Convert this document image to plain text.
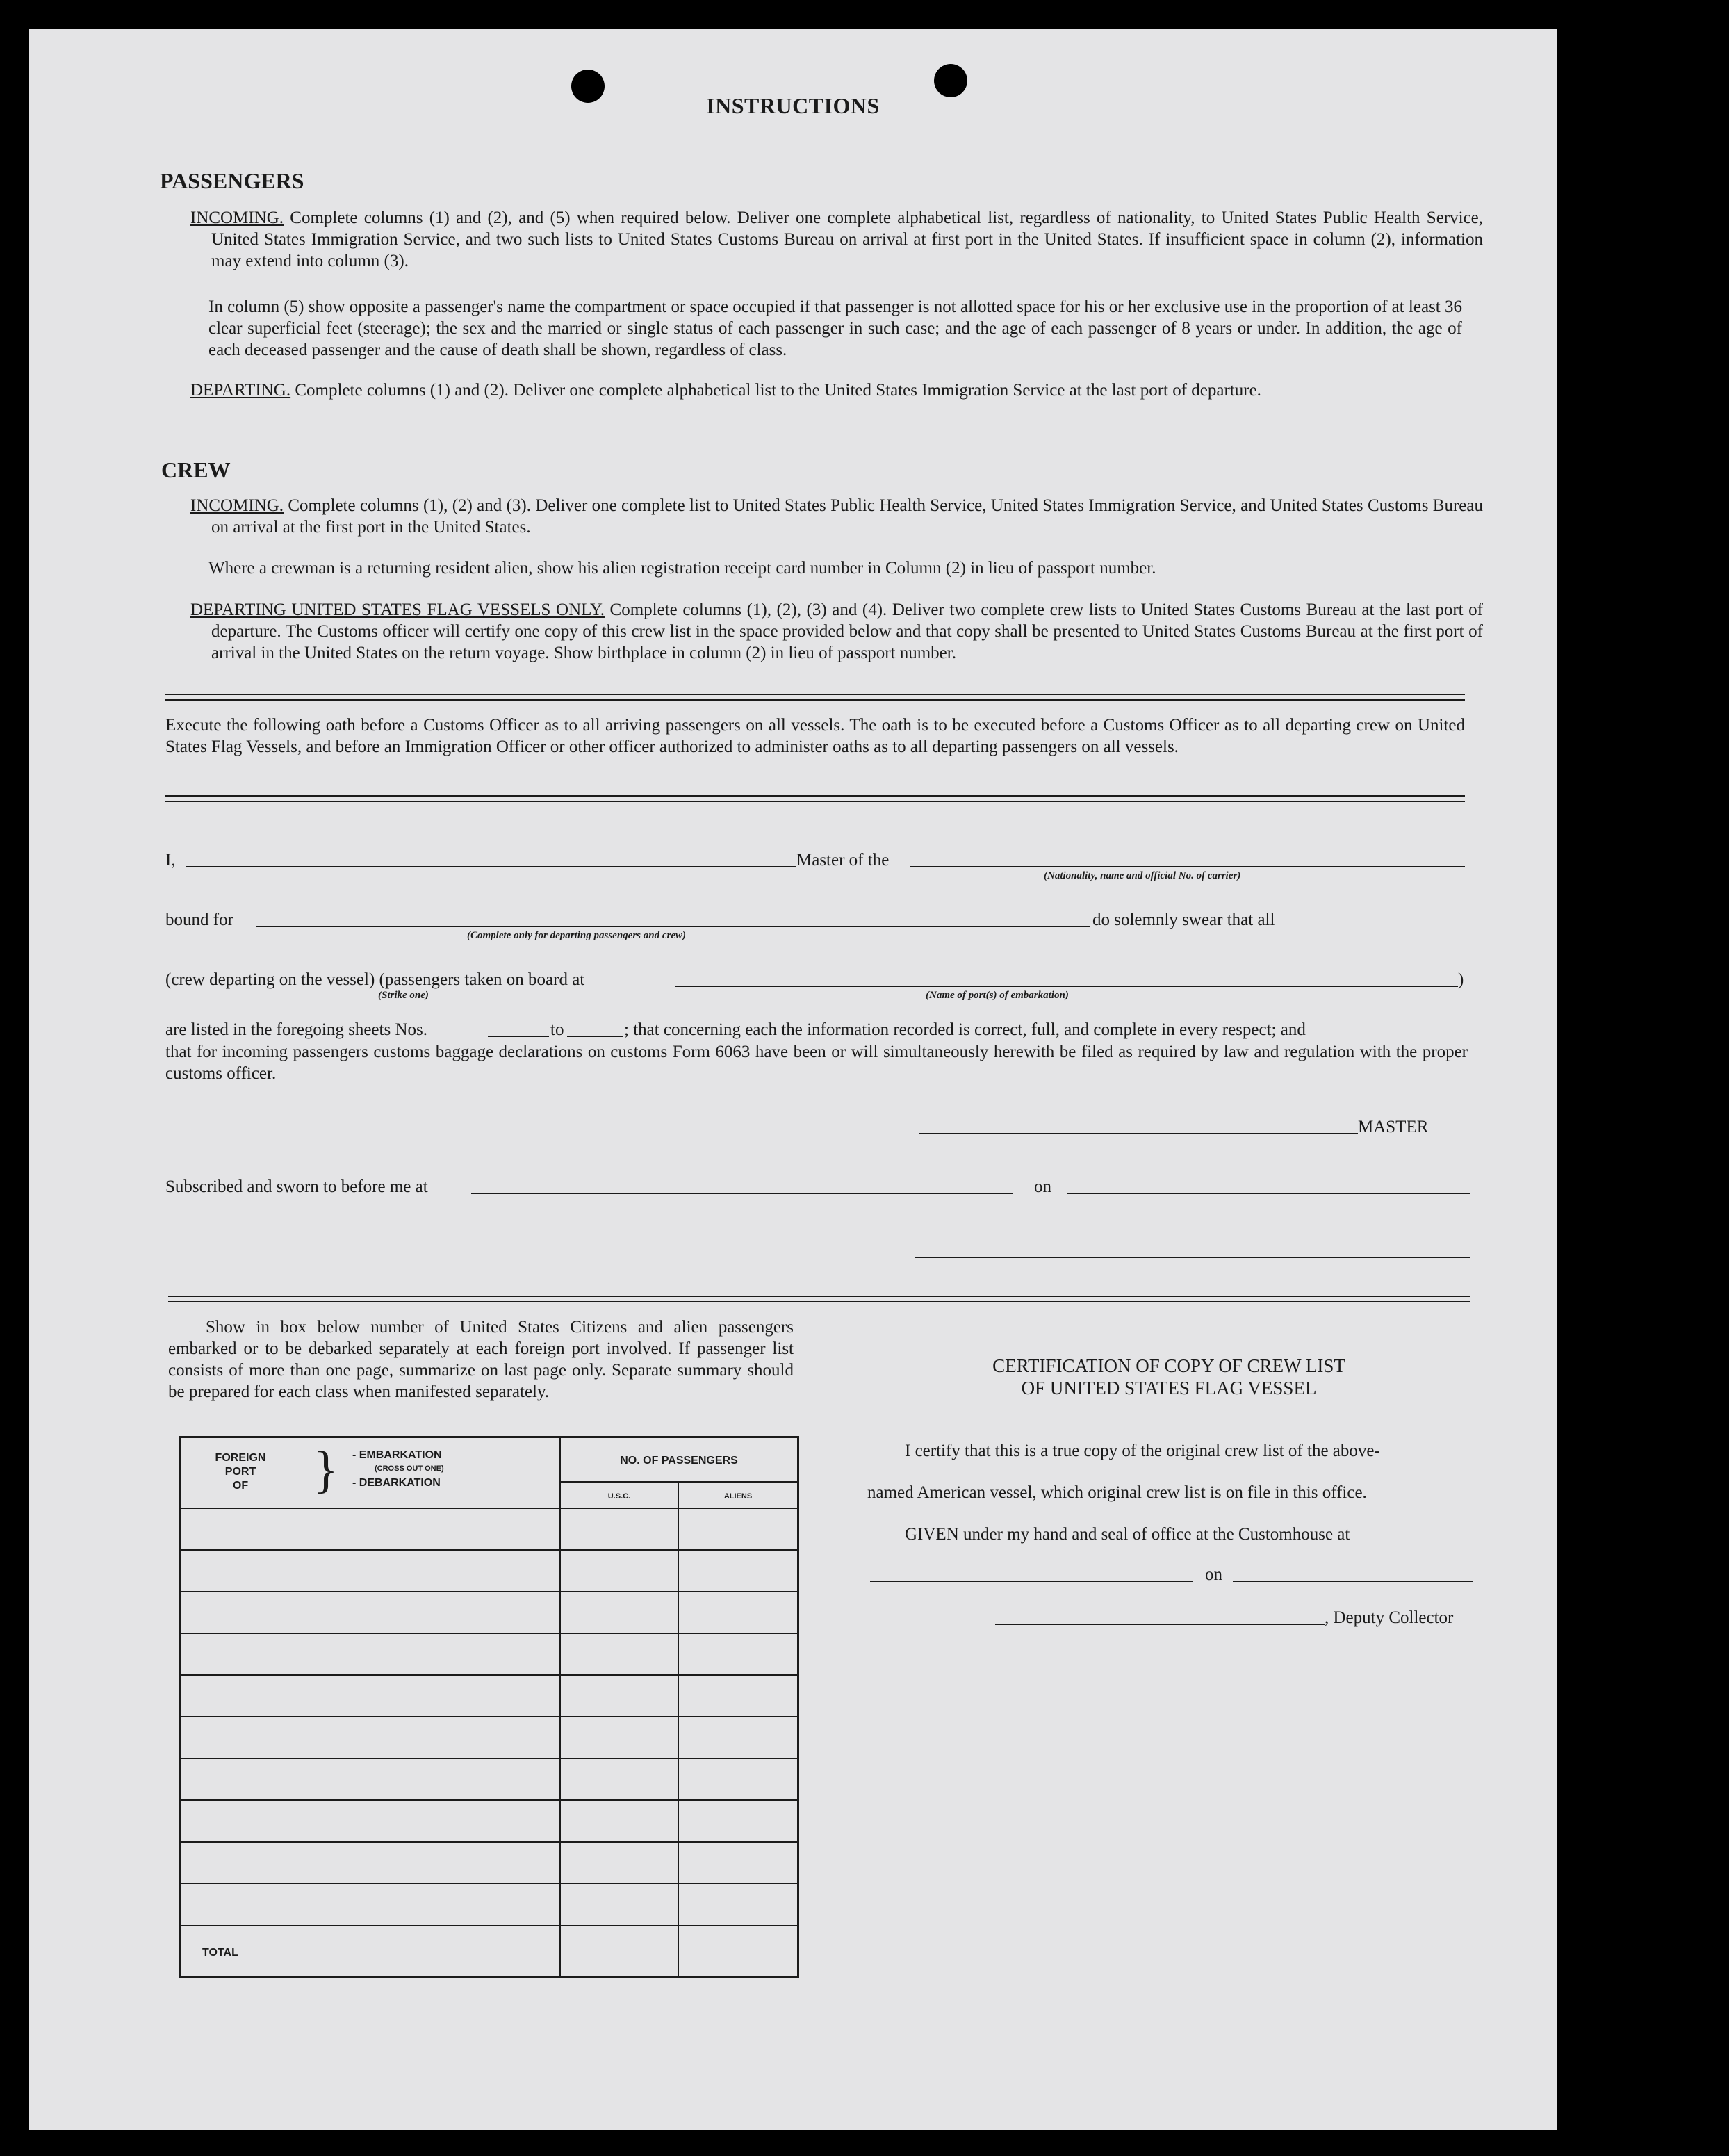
INSTRUCTIONS
PASSENGERS
INCOMING. Complete columns (1) and (2), and (5) when required below. Deliver one complete alphabetical list, regardless of nationality, to United States Public Health Service, United States Immigration Service, and two such lists to United States Customs Bureau on arrival at first port in the United States. If insufficient space in column (2), information may extend into column (3).
In column (5) show opposite a passenger's name the compartment or space occupied if that passenger is not allotted space for his or her exclusive use in the proportion of at least 36 clear superficial feet (steerage); the sex and the married or single status of each passenger in such case; and the age of each passenger of 8 years or under. In addition, the age of each deceased passenger and the cause of death shall be shown, regardless of class.
DEPARTING. Complete columns (1) and (2). Deliver one complete alphabetical list to the United States Immigration Service at the last port of departure.
CREW
INCOMING. Complete columns (1), (2) and (3). Deliver one complete list to United States Public Health Service, United States Immigration Service, and United States Customs Bureau on arrival at the first port in the United States.
Where a crewman is a returning resident alien, show his alien registration receipt card number in Column (2) in lieu of passport number.
DEPARTING UNITED STATES FLAG VESSELS ONLY. Complete columns (1), (2), (3) and (4). Deliver two complete crew lists to United States Customs Bureau at the last port of departure. The Customs officer will certify one copy of this crew list in the space provided below and that copy shall be presented to United States Customs Bureau at the first port of arrival in the United States on the return voyage. Show birthplace in column (2) in lieu of passport number.
Execute the following oath before a Customs Officer as to all arriving passengers on all vessels. The oath is to be executed before a Customs Officer as to all departing crew on United States Flag Vessels, and before an Immigration Officer or other officer authorized to administer oaths as to all departing passengers on all vessels.
I,	Master of the
(Nationality, name and official No. of carrier)
bound for
(Complete only for departing passengers and crew)
do solemnly swear that all
(crew departing on the vessel) (passengers taken on board at	)
(Strike one)	(Name of port(s) of embarkation)
are listed in the foregoing sheets Nos.	to	; that concerning each the information recorded is correct, full, and complete in every respect; and
that for incoming passengers customs baggage declarations on customs Form 6063 have been or will simultaneously herewith be filed as required by law and regulation with the proper customs officer.
MASTER
Subscribed and sworn to before me at	on
Show in box below number of United States Citizens and alien passengers embarked or to be debarked separately at each foreign port involved. If passenger list consists of more than one page, summarize on last page only. Separate summary should be prepared for each class when manifested separately.
FOREIGN
PORT
OF	} - EMBARKATION
(CROSS OUT ONE)
- DEBARKATION
NO. OF PASSENGERS
U.S.C.	ALIENS
TOTAL
CERTIFICATION OF COPY OF CREW LIST
OF UNITED STATES FLAG VESSEL
I certify that this is a true copy of the original crew list of the above-
named American vessel, which original crew list is on file in this office.
GIVEN under my hand and seal of office at the Customhouse at
on
, Deputy Collector
